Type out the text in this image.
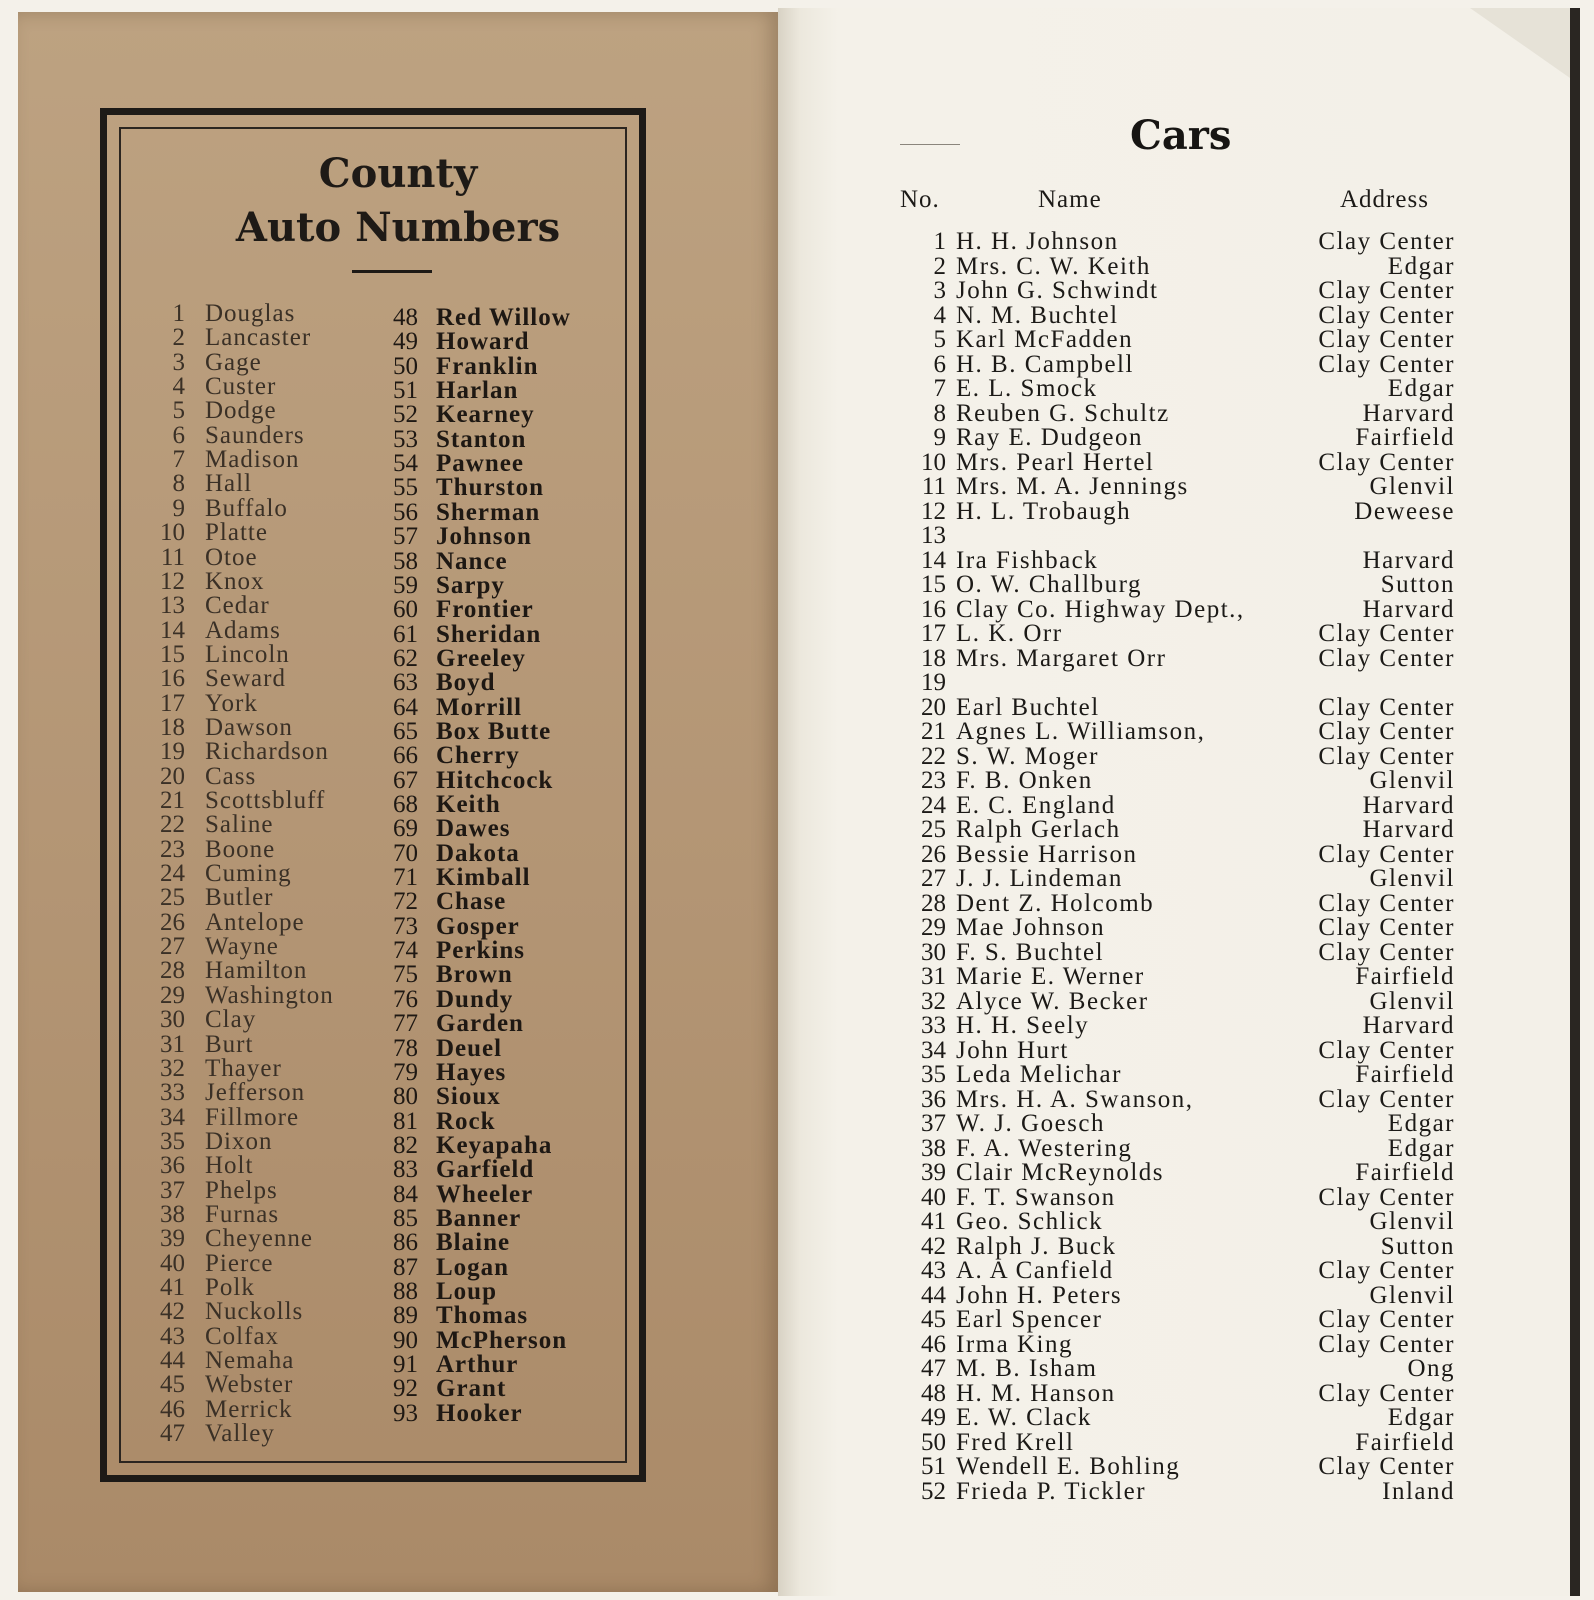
County
Auto Numbers
1 Douglas
2 Lancaster
3 Gage
4 Custer
5 Dodge
6 Saunders
7 Madison
8 Hall
9 Buffalo
10 Platte
11 Otoe
12 Knox
13 Cedar
14 Adams
15 Lincoln
16 Seward
17 York
18 Dawson
19 Richardson
20 Cass
21 Scottsbluff
22 Saline
23 Boone
24 Cuming
25 Butler
26 Antelope
27 Wayne
28 Hamilton
29 Washington
30 Clay
31 Burt
32 Thayer
33 Jefferson
34 Fillmore
35 Dixon
36 Holt
37 Phelps
38 Furnas
39 Cheyenne
40 Pierce
41 Polk
42 Nuckolls
43 Colfax
44 Nemaha
45 Webster
46 Merrick
47 Valley
48 Red Willow
49 Howard
50 Franklin
51 Harlan
52 Kearney
53 Stanton
54 Pawnee
55 Thurston
56 Sherman
57 Johnson
58 Nance
59 Sarpy
60 Frontier
61 Sheridan
62 Greeley
63 Boyd
64 Morrill
65 Box Butte
66 Cherry
67 Hitchcock
68 Keith
69 Dawes
70 Dakota
71 Kimball
72 Chase
73 Gosper
74 Perkins
75 Brown
76 Dundy
77 Garden
78 Deuel
79 Hayes
80 Sioux
81 Rock
82 Keyapaha
83 Garfield
84 Wheeler
85 Banner
86 Blaine
87 Logan
88 Loup
89 Thomas
90 McPherson
91 Arthur
92 Grant
93 Hooker
Cars
No.	Name	Address
1 H. H. Johnson	Clay Center
2 Mrs. C. W. Keith	Edgar
3 John G. Schwindt	Clay Center
4 N. M. Buchtel	Clay Center
5 Karl McFadden	Clay Center
6 H. B. Campbell	Clay Center
7 E. L. Smock	Edgar
8 Reuben G. Schultz	Harvard
9 Ray E. Dudgeon	Fairfield
10 Mrs. Pearl Hertel	Clay Center
11 Mrs. M. A. Jennings	Glenvil
12 H. L. Trobaugh	Deweese
13
14 Ira Fishback	Harvard
15 O. W. Challburg	Sutton
16 Clay Co. Highway Dept.,	Harvard
17 L. K. Orr	Clay Center
18 Mrs. Margaret Orr	Clay Center
19
20 Earl Buchtel	Clay Center
21 Agnes L. Williamson,	Clay Center
22 S. W. Moger	Clay Center
23 F. B. Onken	Glenvil
24 E. C. England	Harvard
25 Ralph Gerlach	Harvard
26 Bessie Harrison	Clay Center
27 J. J. Lindeman	Glenvil
28 Dent Z. Holcomb	Clay Center
29 Mae Johnson	Clay Center
30 F. S. Buchtel	Clay Center
31 Marie E. Werner	Fairfield
32 Alyce W. Becker	Glenvil
33 H. H. Seely	Harvard
34 John Hurt	Clay Center
35 Leda Melichar	Fairfield
36 Mrs. H. A. Swanson,	Clay Center
37 W. J. Goesch	Edgar
38 F. A. Westering	Edgar
39 Clair McReynolds	Fairfield
40 F. T. Swanson	Clay Center
41 Geo. Schlick	Glenvil
42 Ralph J. Buck	Sutton
43 A. A Canfield	Clay Center
44 John H. Peters	Glenvil
45 Earl Spencer	Clay Center
46 Irma King	Clay Center
47 M. B. Isham	Ong
48 H. M. Hanson	Clay Center
49 E. W. Clack	Edgar
50 Fred Krell	Fairfield
51 Wendell E. Bohling	Clay Center
52 Frieda P. Tickler	Inland
